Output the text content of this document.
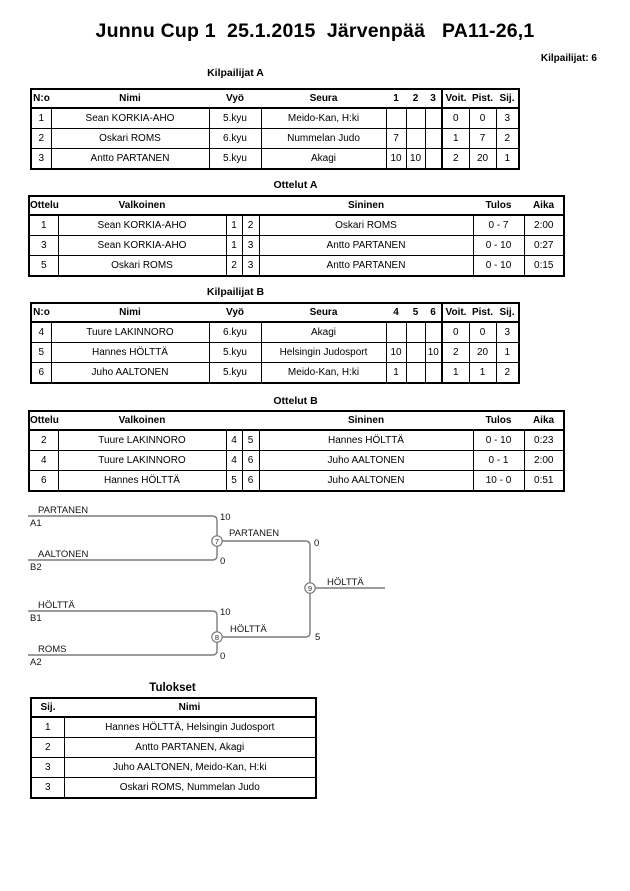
Junnu Cup 1  25.1.2015  Järvenpää   PA11-26,1
Kilpailijat: 6
Kilpailijat A
N:o	Nimi	Vyö	Seura	1	2	3	Voit.	Pist.	Sij.
1	Sean KORKIA-AHO	5.kyu	Meido-Kan, H:ki				0	0	3
2	Oskari ROMS	6.kyu	Nummelan Judo	7			1	7	2
3	Antto PARTANEN	5.kyu	Akagi	10	10		2	20	1
Ottelut A
Ottelu	Valkoinen			Sininen	Tulos	Aika
1	Sean KORKIA-AHO	1	2	Oskari ROMS	0 - 7	2:00
3	Sean KORKIA-AHO	1	3	Antto PARTANEN	0 - 10	0:27
5	Oskari ROMS	2	3	Antto PARTANEN	0 - 10	0:15
Kilpailijat B
N:o	Nimi	Vyö	Seura	4	5	6	Voit.	Pist.	Sij.
4	Tuure LAKINNORO	6.kyu	Akagi				0	0	3
5	Hannes HÖLTTÄ	5.kyu	Helsingin Judosport	10		10	2	20	1
6	Juho AALTONEN	5.kyu	Meido-Kan, H:ki	1			1	1	2
Ottelut B
Ottelu	Valkoinen			Sininen	Tulos	Aika
2	Tuure LAKINNORO	4	5	Hannes HÖLTTÄ	0 - 10	0:23
4	Tuure LAKINNORO	4	6	Juho AALTONEN	0 - 1	2:00
6	Hannes HÖLTTÄ	5	6	Juho AALTONEN	10 - 0	0:51
PARTANEN
A1
10
AALTONEN
B2
0
7
PARTANEN
0
HÖLTTÄ
B1
10
ROMS
A2
0
8
HÖLTTÄ
5
9
HÖLTTÄ
Tulokset
Sij.	Nimi
1	Hannes HÖLTTÄ, Helsingin Judosport
2	Antto PARTANEN, Akagi
3	Juho AALTONEN, Meido-Kan, H:ki
3	Oskari ROMS, Nummelan Judo
